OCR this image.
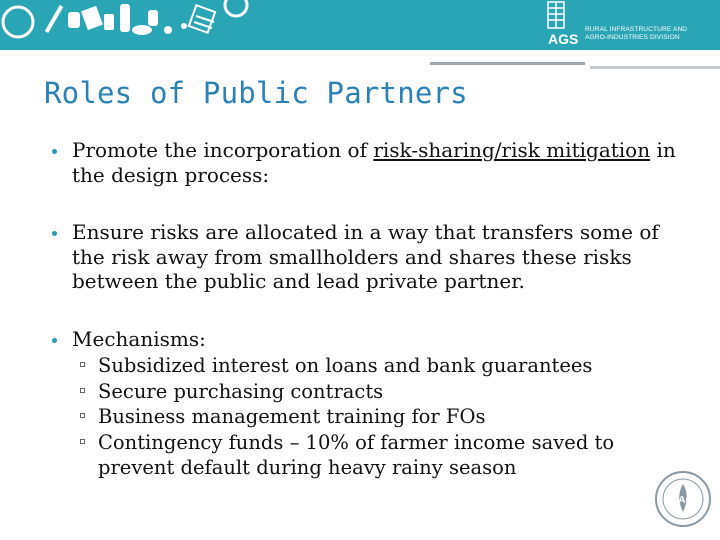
AGS
RURAL INFRASTRUCTURE AND
AGRO-INDUSTRIES DIVISION
Roles of Public Partners
Promote the incorporation of risk-sharing/risk mitigation in the design process:
Ensure risks are allocated in a way that transfers some of the risk away from smallholders and shares these risks between the public and lead private partner.
Mechanisms:
Subsidized interest on loans and bank guarantees
Secure purchasing contracts
Business management training for FOs
Contingency funds – 10% of farmer income saved to prevent default during heavy rainy season
FAO
